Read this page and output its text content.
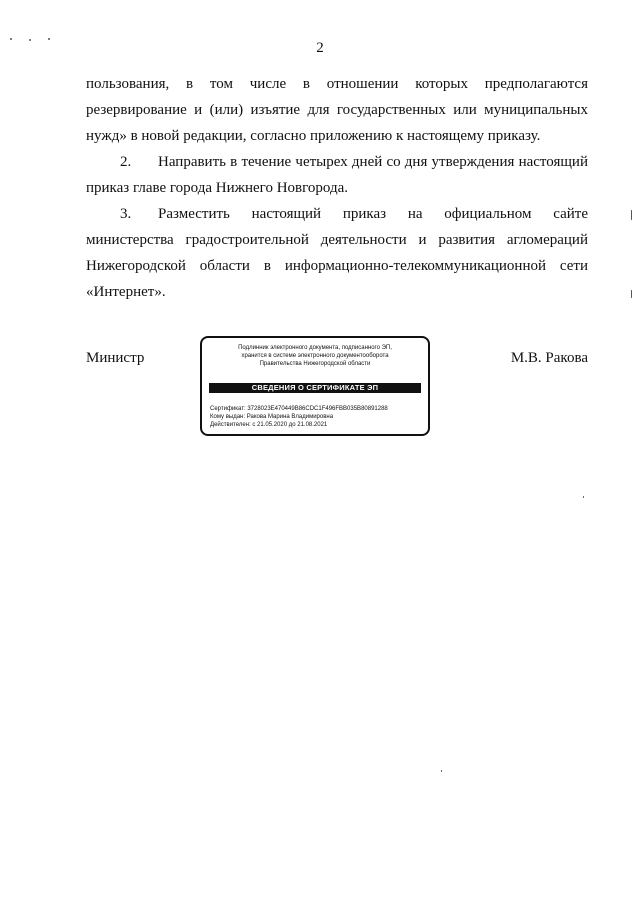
2
пользования, в том числе в отношении которых предполагаются резервирование и (или) изъятие для государственных или муниципальных нужд» в новой редакции, согласно приложению к настоящему приказу.
2. Направить в течение четырех дней со дня утверждения настоящий приказ главе города Нижнего Новгорода.
3. Разместить настоящий приказ на официальном сайте министерства градостроительной деятельности и развития агломераций Нижегородской области в информационно-телекоммуникационной сети «Интернет».
Министр	М.В. Ракова
Подлинник электронного документа, подписанного ЭП,
хранится в системе электронного документооборота
Правительства Нижегородской области
СВЕДЕНИЯ О СЕРТИФИКАТЕ ЭП
Сертификат: 3728023E470449B86CDC1F496FBB035B80891288
Кому выдан: Ракова Марина Владимировна
Действителен: с 21.05.2020 до 21.08.2021
